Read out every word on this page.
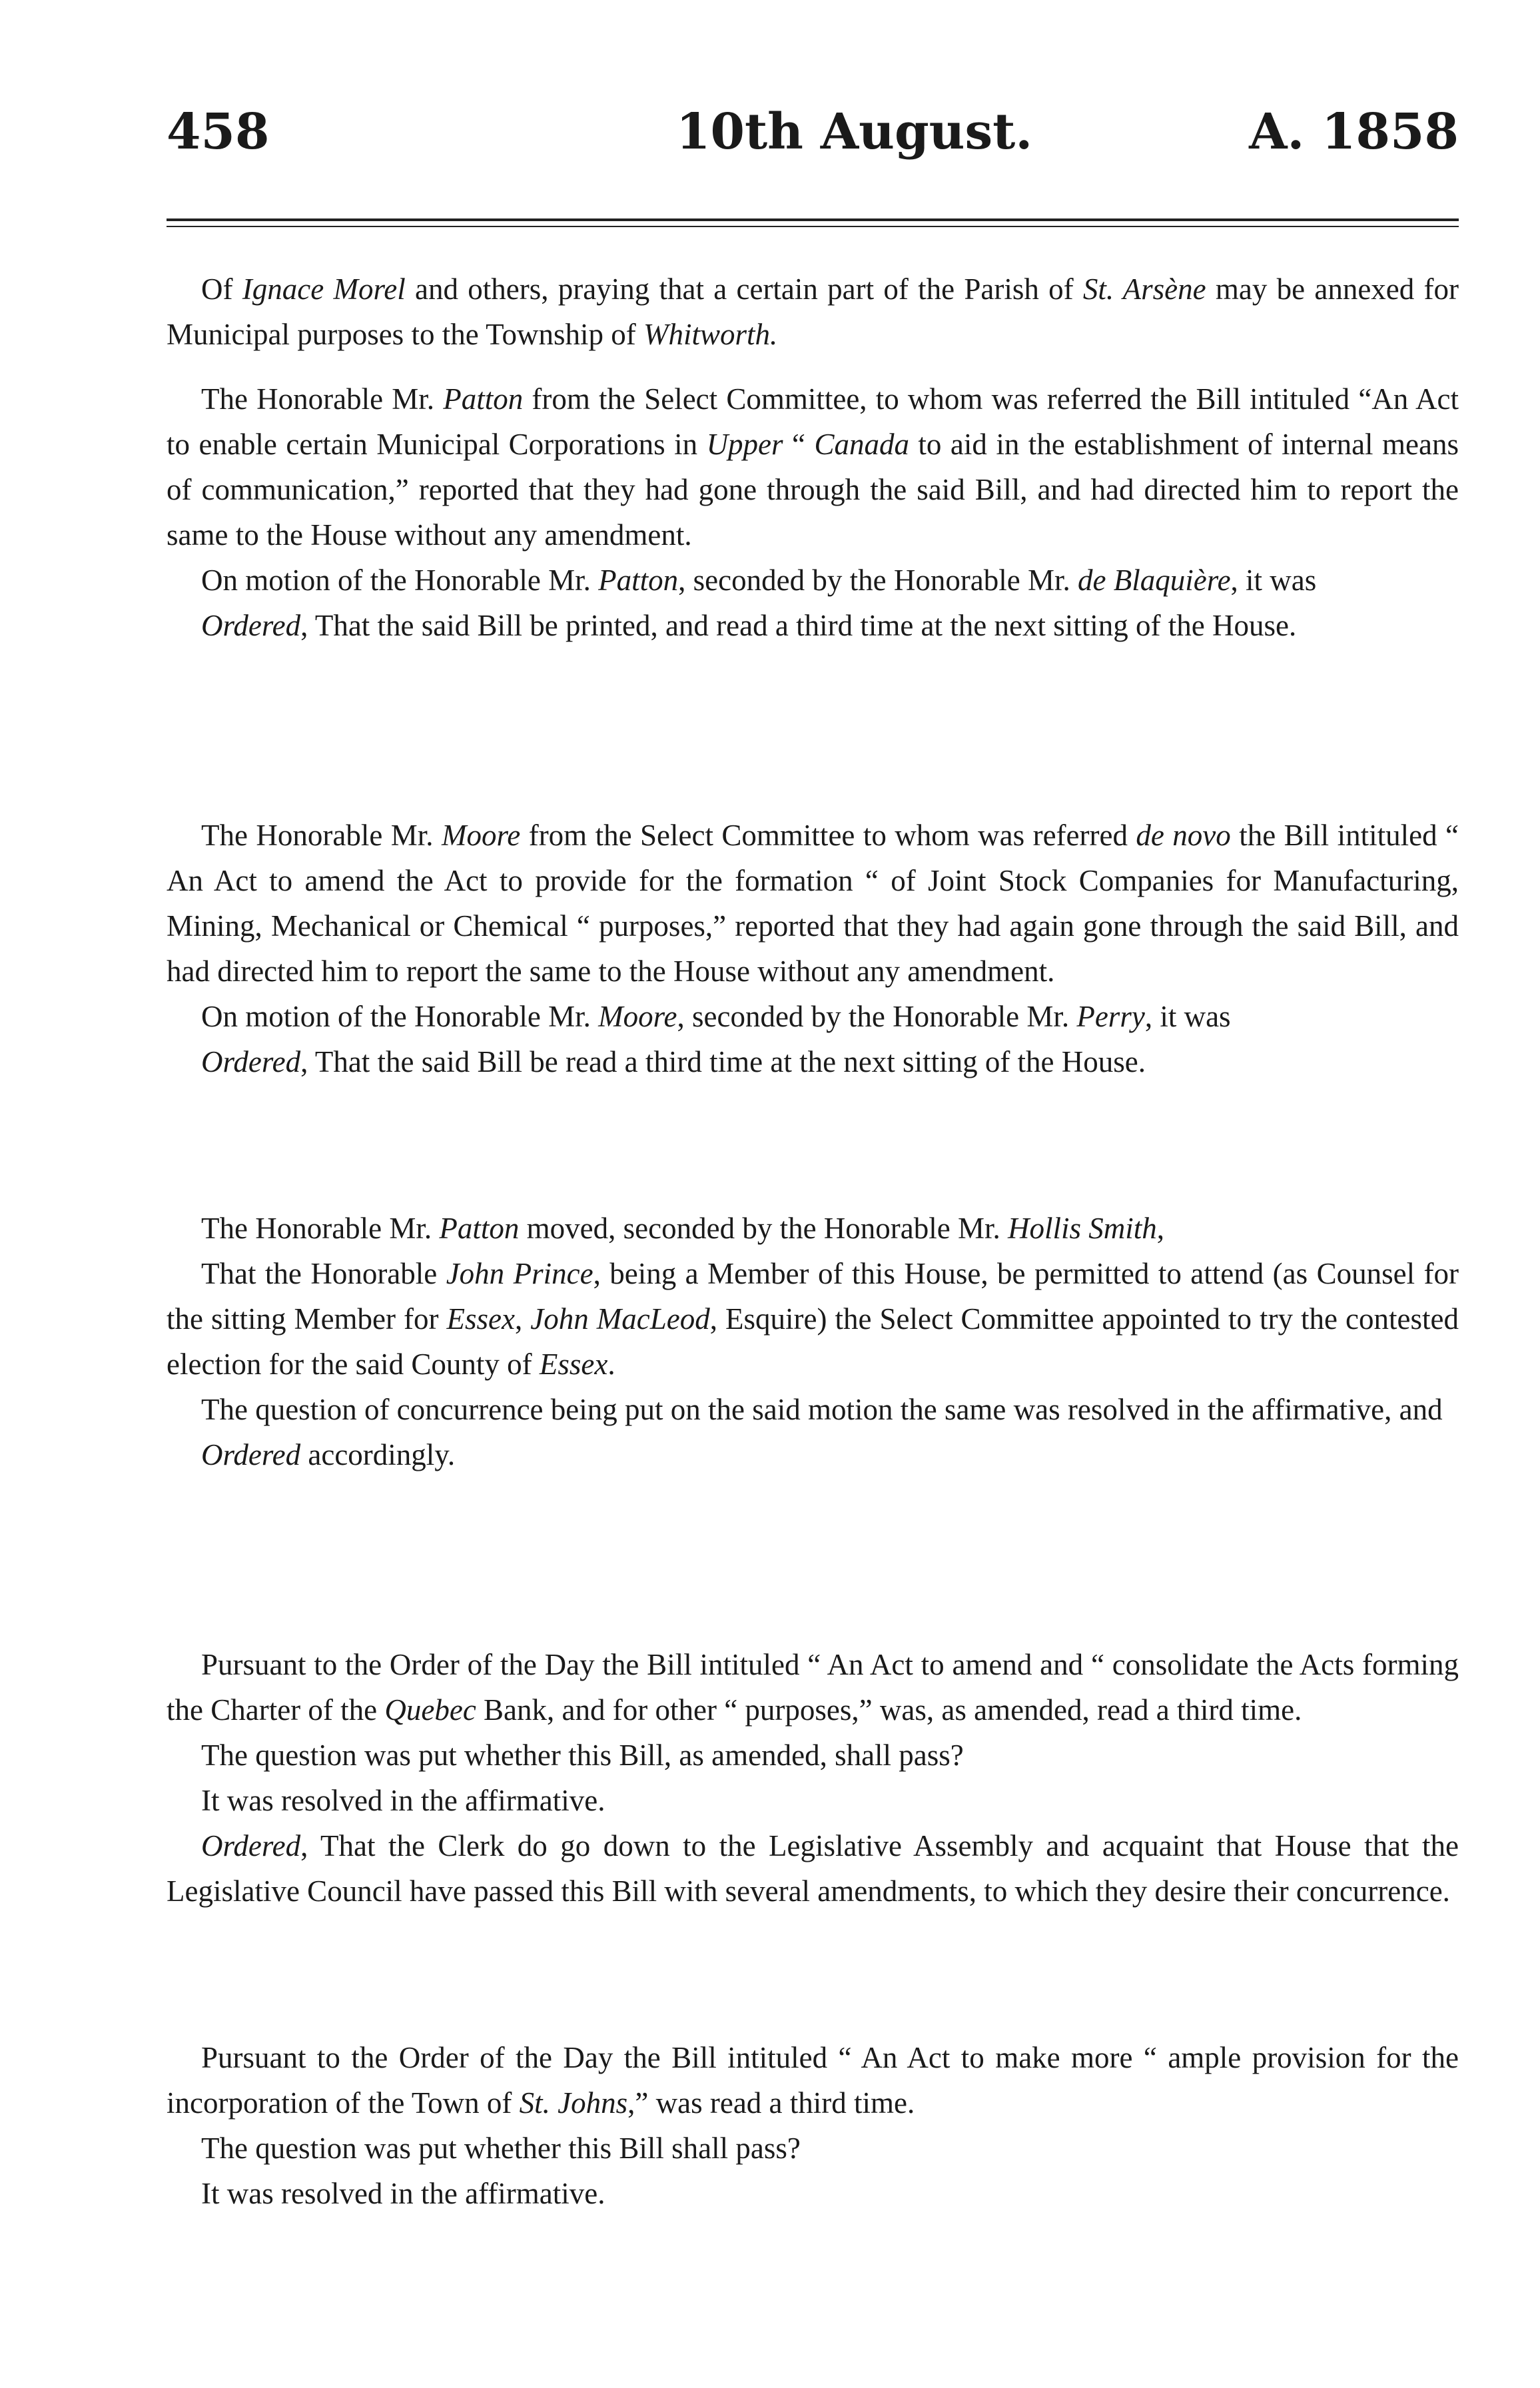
458	10th August.	A. 1858

Of Ignace Morel and others, praying that a certain part of the Parish of St. Arsène may be annexed for Municipal purposes to the Township of Whitworth.

The Honorable Mr. Patton from the Select Committee, to whom was referred the Bill intituled “An Act to enable certain Municipal Corporations in Upper “ Canada to aid in the establishment of internal means of communication,” reported that they had gone through the said Bill, and had directed him to report the same to the House without any amendment.

On motion of the Honorable Mr. Patton, seconded by the Honorable Mr. de Blaquière, it was

Ordered, That the said Bill be printed, and read a third time at the next sitting of the House.

The Honorable Mr. Moore from the Select Committee to whom was referred de novo the Bill intituled “ An Act to amend the Act to provide for the formation “ of Joint Stock Companies for Manufacturing, Mining, Mechanical or Chemical “ purposes,” reported that they had again gone through the said Bill, and had directed him to report the same to the House without any amendment.

On motion of the Honorable Mr. Moore, seconded by the Honorable Mr. Perry, it was

Ordered, That the said Bill be read a third time at the next sitting of the House.

The Honorable Mr. Patton moved, seconded by the Honorable Mr. Hollis Smith,

That the Honorable John Prince, being a Member of this House, be permitted to attend (as Counsel for the sitting Member for Essex, John MacLeod, Esquire) the Select Committee appointed to try the contested election for the said County of Essex.

The question of concurrence being put on the said motion the same was resolved in the affirmative, and

Ordered accordingly.

Pursuant to the Order of the Day the Bill intituled “ An Act to amend and “ consolidate the Acts forming the Charter of the Quebec Bank, and for other “ purposes,” was, as amended, read a third time.

The question was put whether this Bill, as amended, shall pass?

It was resolved in the affirmative.

Ordered, That the Clerk do go down to the Legislative Assembly and acquaint that House that the Legislative Council have passed this Bill with several amendments, to which they desire their concurrence.

Pursuant to the Order of the Day the Bill intituled “ An Act to make more “ ample provision for the incorporation of the Town of St. Johns,” was read a third time.

The question was put whether this Bill shall pass?

It was resolved in the affirmative.
